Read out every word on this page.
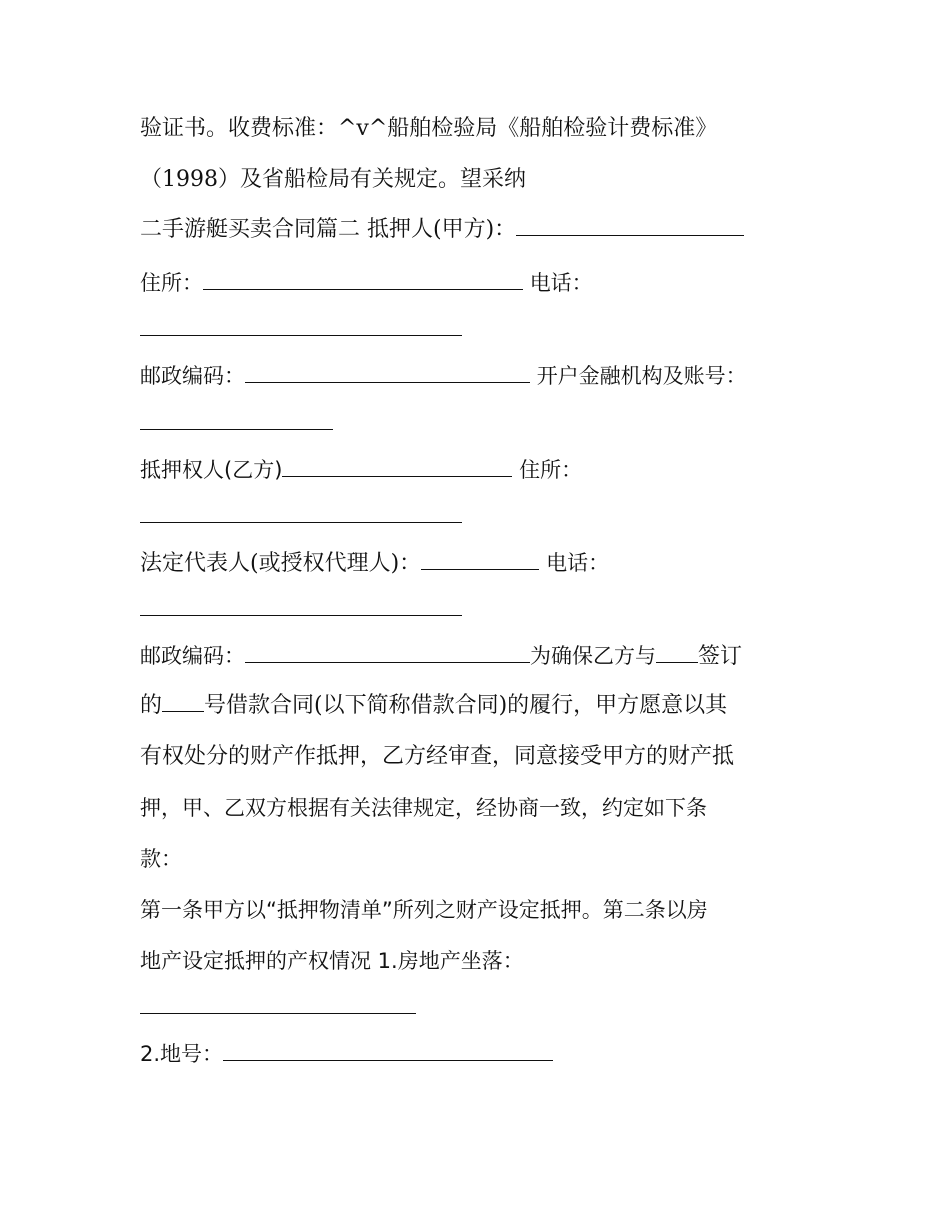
验证书。收费标准：^v^船舶检验局《船舶检验计费标准》
（1998）及省船检局有关规定。望采纳
二手游艇买卖合同篇二 抵押人(甲方)：
住所：	电话：
邮政编码：	开户金融机构及账号：
抵押权人(乙方)	住所：
法定代表人(或授权代理人)：	电话：
邮政编码：	为确保乙方与 签订
的 号借款合同(以下简称借款合同)的履行，甲方愿意以其
有权处分的财产作抵押，乙方经审查，同意接受甲方的财产抵
押，甲、乙双方根据有关法律规定，经协商一致，约定如下条
款：
第一条甲方以“抵押物清单”所列之财产设定抵押。第二条以房
地产设定抵押的产权情况 1.房地产坐落：
2.地号：
